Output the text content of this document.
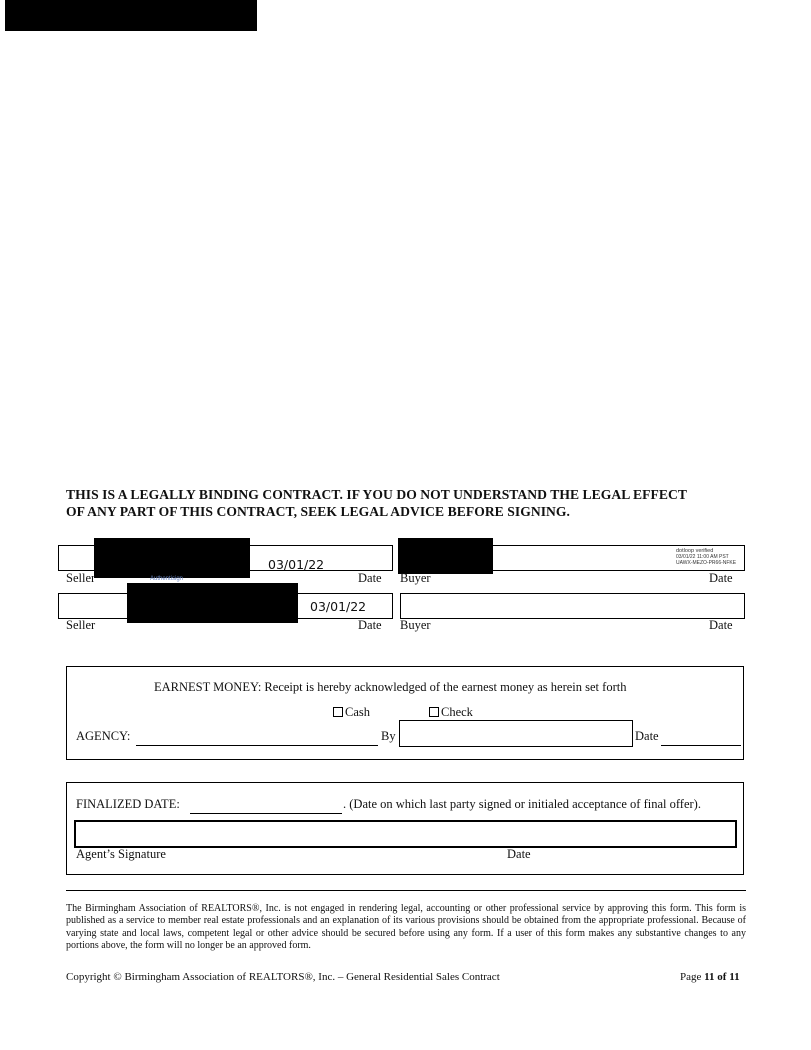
THIS IS A LEGALLY BINDING CONTRACT. IF YOU DO NOT UNDERSTAND THE LEGAL EFFECT
OF ANY PART OF THIS CONTRACT, SEEK LEGAL ADVICE BEFORE SIGNING.
03/01/22
Authentisign
Seller	Date
dotloop verified
03/01/22 11:00 AM PST
UAWX-MEZO-PR66-NFKE
Buyer	Date
03/01/22
Seller	Date Buyer	Date
EARNEST MONEY: Receipt is hereby acknowledged of the earnest money as herein set forth
Cash	Check
AGENCY:	By	Date
FINALIZED DATE:	. (Date on which last party signed or initialed acceptance of final offer).
Agent’s Signature	Date
The Birmingham Association of REALTORS®, Inc. is not engaged in rendering legal, accounting or other professional service by approving this form. This form is published as a service to member real estate professionals and an explanation of its various provisions should be obtained from the appropriate professional. Because of varying state and local laws, competent legal or other advice should be secured before using any form. If a user of this form makes any substantive changes to any portions above, the form will no longer be an approved form.
Copyright © Birmingham Association of REALTORS®, Inc. – General Residential Sales Contract	Page 11 of 11
